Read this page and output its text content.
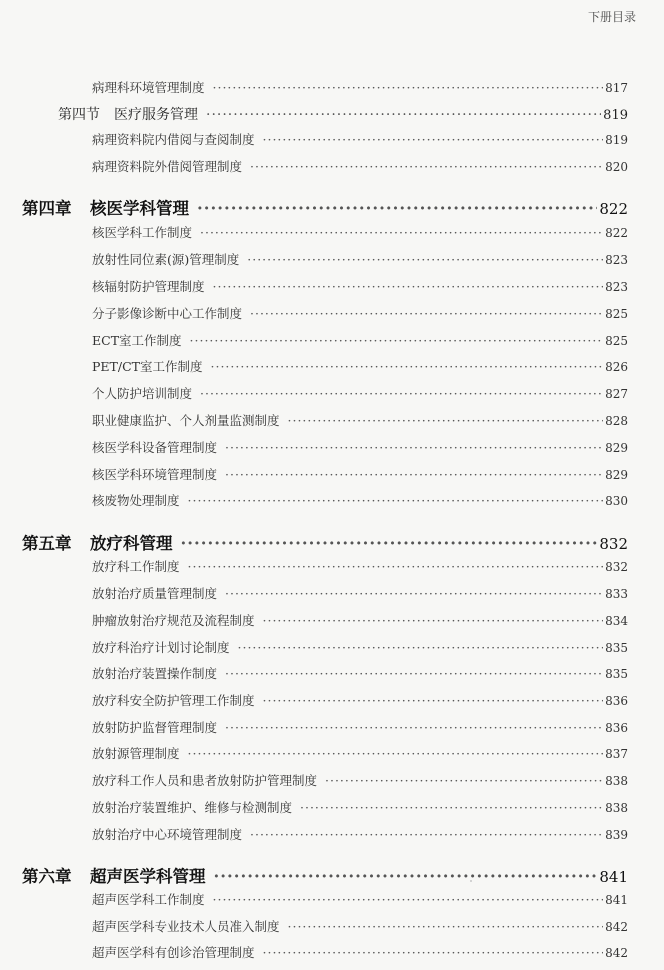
下册目录
病理科环境管理制度 ·····	817
第四节　医疗服务管理 ·····	819
病理资料院内借阅与查阅制度 ·····	819
病理资料院外借阅管理制度 ·····	820
第四章 核医学科管理 ·····	822
核医学科工作制度 ·····	822
放射性同位素(源)管理制度 ·····	823
核辐射防护管理制度 ·····	823
分子影像诊断中心工作制度 ·····	825
ECT室工作制度 ·····	825
PET/CT室工作制度 ·····	826
个人防护培训制度 ·····	827
职业健康监护、个人剂量监测制度 ·····	828
核医学科设备管理制度 ·····	829
核医学科环境管理制度 ·····	829
核废物处理制度 ·····	830
第五章 放疗科管理 ·····	832
放疗科工作制度 ·····	832
放射治疗质量管理制度 ·····	833
肿瘤放射治疗规范及流程制度 ·····	834
放疗科治疗计划讨论制度 ·····	835
放射治疗装置操作制度 ·····	835
放疗科安全防护管理工作制度 ·····	836
放射防护监督管理制度 ·····	836
放射源管理制度 ·····	837
放疗科工作人员和患者放射防护管理制度 ·····	838
放射治疗装置维护、维修与检测制度 ·····	838
放射治疗中心环境管理制度 ·····	839
第六章 超声医学科管理 ·····	841
超声医学科工作制度 ·····	841
超声医学科专业技术人员准入制度 ·····	842
超声医学科有创诊治管理制度 ·····	842
